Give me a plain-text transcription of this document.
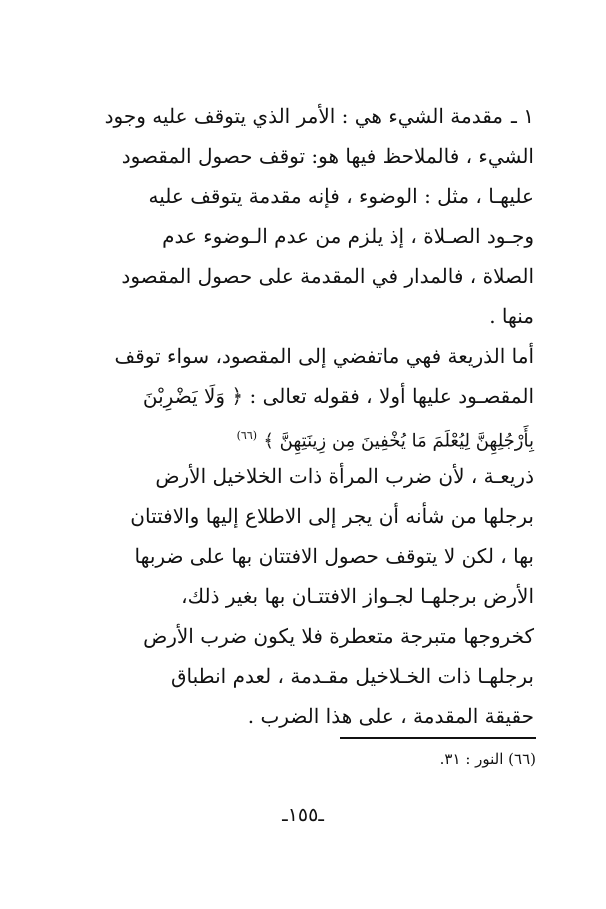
١ ـمقدمة الشيء هي : الأمر الذي يتوقف عليه وجود
الشيء ، فالملاحظ فيها هو: توقف حصول المقصود
عليهـا ، مثل : الوضوء ، فإنه مقدمة يتوقف عليه
وجـود الصـلاة ، إذ يلزم من عدم الـوضوء عدم
الصلاة ، فالمدار في المقدمة على حصول المقصود
منها .
أما الذريعة فهي ماتفضي إلى المقصود، سواء توقف
المقصـود عليها أولا ، فقوله تعالى : ﴿ وَلَا يَضْرِبْنَ
بِأَرْجُلِهِنَّ لِيُعْلَمَ مَا يُخْفِينَ مِن زِينَتِهِنَّ ﴾ $^{(٦٦)}$
ذريعـة ، لأن ضرب المرأة ذات الخلاخيل الأرض
برجلها من شأنه أن يجر إلى الاطلاع إليها والافتتان
بها ، لكن لا يتوقف حصول الافتتان بها على ضربها
الأرض برجلهـا لجـواز الافتتـان بها بغير ذلك،
كخروجها متبرجة متعطرة فلا يكون ضرب الأرض
برجلهـا ذات الخـلاخيل مقـدمة ، لعدم انطباق
حقيقة المقدمة ، على هذا الضرب .
(٦٦) النور : ٣١.
ـ١٥٥ـ
